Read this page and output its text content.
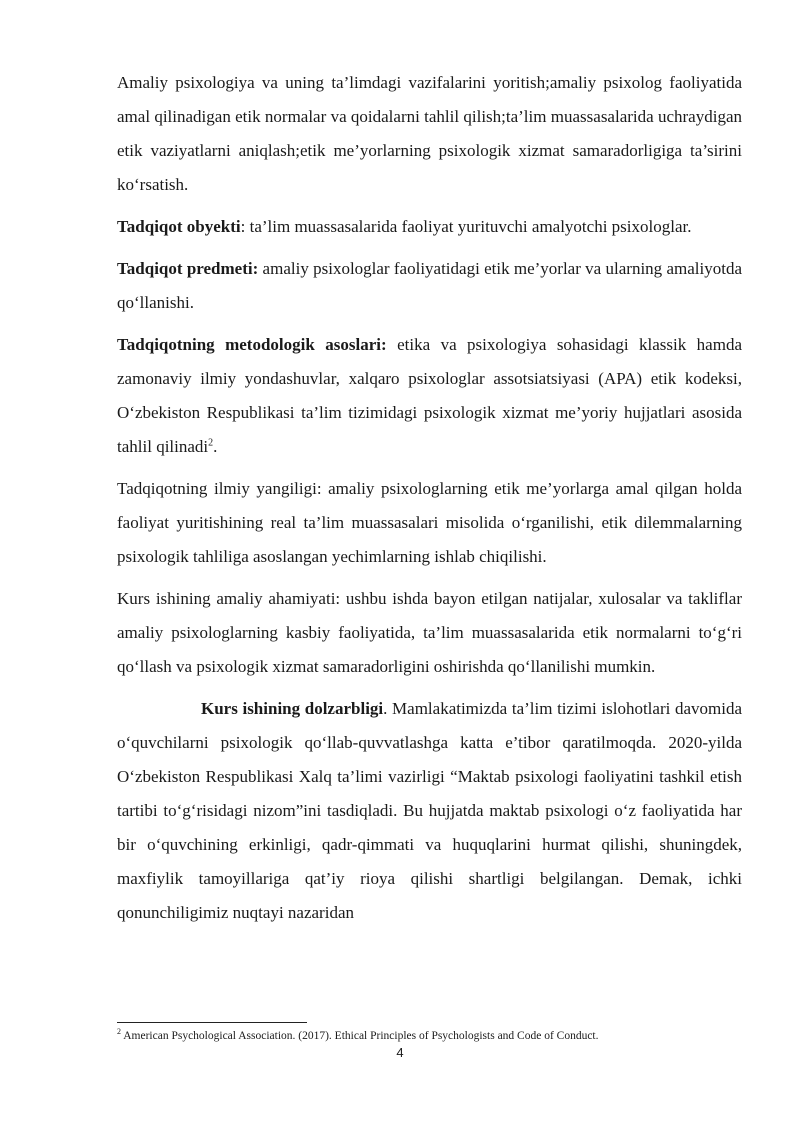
Amaliy psixologiya va uning ta’limdagi vazifalarini yoritish;amaliy psixolog faoliyatida amal qilinadigan etik normalar va qoidalarni tahlil qilish;ta’lim muassasalarida uchraydigan etik vaziyatlarni aniqlash;etik me’yorlarning psixologik xizmat samaradorligiga ta’sirini ko‘rsatish.

Tadqiqot obyekti: ta’lim muassasalarida faoliyat yurituvchi amalyotchi psixologlar.

Tadqiqot predmeti: amaliy psixologlar faoliyatidagi etik me’yorlar va ularning amaliyotda qo‘llanishi.

Tadqiqotning metodologik asoslari: etika va psixologiya sohasidagi klassik hamda zamonaviy ilmiy yondashuvlar, xalqaro psixologlar assotsiatsiyasi (APA) etik kodeksi, O‘zbekiston Respublikasi ta’lim tizimidagi psixologik xizmat me’yoriy hujjatlari asosida tahlil qilinadi$^2$.

Tadqiqotning ilmiy yangiligi: amaliy psixologlarning etik me’yorlarga amal qilgan holda faoliyat yuritishining real ta’lim muassasalari misolida o‘rganilishi, etik dilemmalarning psixologik tahliliga asoslangan yechimlarning ishlab chiqilishi.

Kurs ishining amaliy ahamiyati: ushbu ishda bayon etilgan natijalar, xulosalar va takliflar amaliy psixologlarning kasbiy faoliyatida, ta’lim muassasalarida etik normalarni to‘g‘ri qo‘llash va psixologik xizmat samaradorligini oshirishda qo‘llanilishi mumkin.

Kurs ishining dolzarbligi. Mamlakatimizda ta’lim tizimi islohotlari davomida o‘quvchilarni psixologik qo‘llab-quvvatlashga katta e’tibor qaratilmoqda. 2020-yilda O‘zbekiston Respublikasi Xalq ta’limi vazirligi “Maktab psixologi faoliyatini tashkil etish tartibi to‘g‘risidagi nizom”ini tasdiqladi. Bu hujjatda maktab psixologi o‘z faoliyatida har bir o‘quvchining erkinligi, qadr-qimmati va huquqlarini hurmat qilishi, shuningdek, maxfiylik tamoyillariga qat’iy rioya qilishi shartligi belgilangan. Demak, ichki qonunchiligimiz nuqtayi nazaridan

$^2$ American Psychological Association. (2017). Ethical Principles of Psychologists and Code of Conduct.
4
